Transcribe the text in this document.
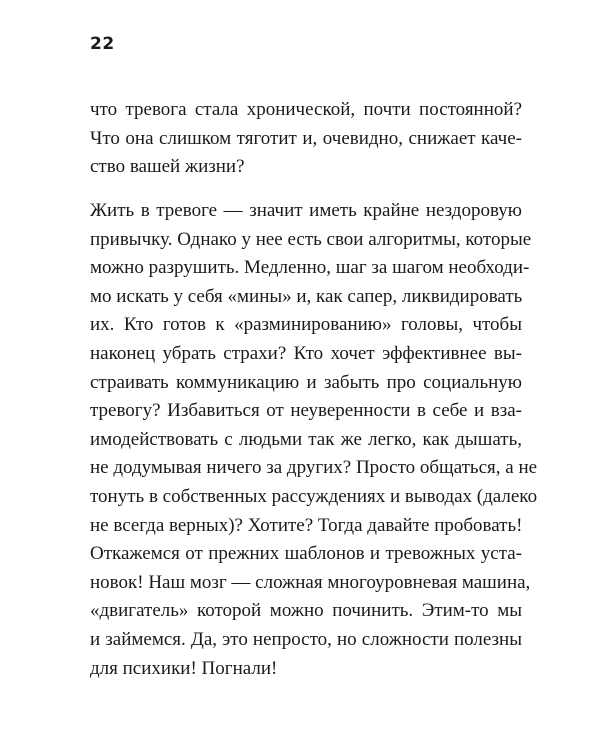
22
что тревога стала хронической, почти постоянной?
Что она слишком тяготит и, очевидно, снижает каче-
ство вашей жизни?
Жить в тревоге — значит иметь крайне нездоровую
привычку. Однако у нее есть свои алгоритмы, которые
можно разрушить. Медленно, шаг за шагом необходи-
мо искать у себя «мины» и, как сапер, ликвидировать
их. Кто готов к «разминированию» головы, чтобы
наконец убрать страхи? Кто хочет эффективнее вы-
страивать коммуникацию и забыть про социальную
тревогу? Избавиться от неуверенности в себе и вза-
имодействовать с людьми так же легко, как дышать,
не додумывая ничего за других? Просто общаться, а не
тонуть в собственных рассуждениях и выводах (далеко
не всегда верных)? Хотите? Тогда давайте пробовать!
Откажемся от прежних шаблонов и тревожных уста-
новок! Наш мозг — сложная многоуровневая машина,
«двигатель» которой можно починить. Этим-то мы
и займемся. Да, это непросто, но сложности полезны
для психики! Погнали!
